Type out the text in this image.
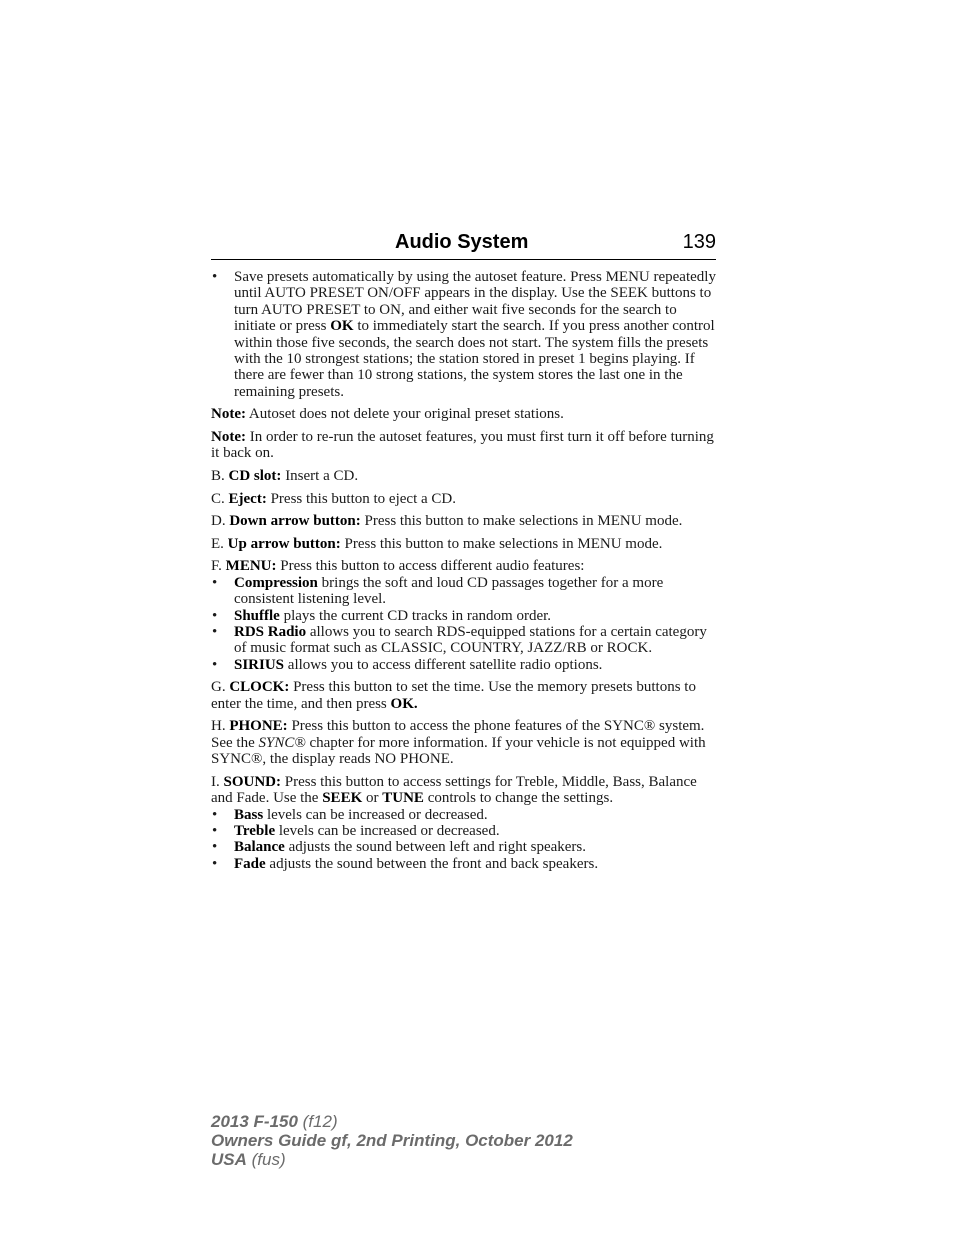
Audio System	139
• Save presets automatically by using the autoset feature. Press MENU repeatedly until AUTO PRESET ON/OFF appears in the display. Use the SEEK buttons to turn AUTO PRESET to ON, and either wait five seconds for the search to initiate or press OK to immediately start the search. If you press another control within those five seconds, the search does not start. The system fills the presets with the 10 strongest stations; the station stored in preset 1 begins playing. If there are fewer than 10 strong stations, the system stores the last one in the remaining presets.

Note: Autoset does not delete your original preset stations.

Note: In order to re-run the autoset features, you must first turn it off before turning it back on.

B. CD slot: Insert a CD.

C. Eject: Press this button to eject a CD.

D. Down arrow button: Press this button to make selections in MENU mode.

E. Up arrow button: Press this button to make selections in MENU mode.

F. MENU: Press this button to access different audio features:

• Compression brings the soft and loud CD passages together for a more consistent listening level.
• Shuffle plays the current CD tracks in random order.
• RDS Radio allows you to search RDS-equipped stations for a certain category of music format such as CLASSIC, COUNTRY, JAZZ/RB or ROCK.
• SIRIUS allows you to access different satellite radio options.

G. CLOCK: Press this button to set the time. Use the memory presets buttons to enter the time, and then press OK.

H. PHONE: Press this button to access the phone features of the SYNC® system. See the SYNC® chapter for more information. If your vehicle is not equipped with SYNC®, the display reads NO PHONE.

I. SOUND: Press this button to access settings for Treble, Middle, Bass, Balance and Fade. Use the SEEK or TUNE controls to change the settings.

• Bass levels can be increased or decreased.
• Treble levels can be increased or decreased.
• Balance adjusts the sound between left and right speakers.
• Fade adjusts the sound between the front and back speakers.
2013 F-150 (f12)
Owners Guide gf, 2nd Printing, October 2012
USA (fus)
